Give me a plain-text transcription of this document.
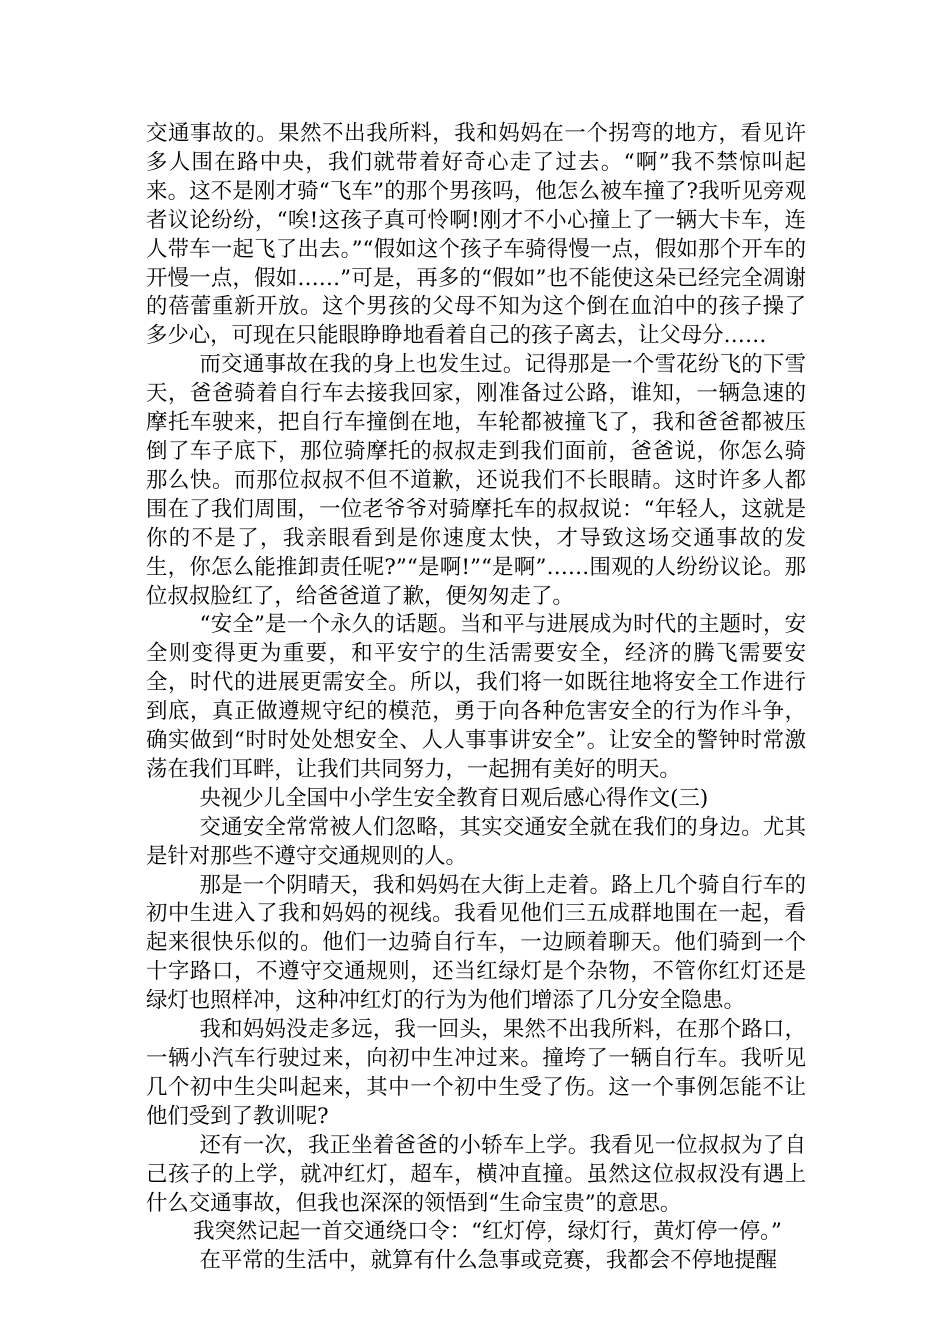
交通事故的。果然不出我所料，我和妈妈在一个拐弯的地方，看见许多人围在路中央，我们就带着好奇心走了过去。“啊”我不禁惊叫起来。这不是刚才骑“飞车”的那个男孩吗，他怎么被车撞了?我听见旁观者议论纷纷，“唉!这孩子真可怜啊!刚才不小心撞上了一辆大卡车，连人带车一起飞了出去。”“假如这个孩子车骑得慢一点，假如那个开车的开慢一点，假如……”可是，再多的“假如”也不能使这朵已经完全凋谢的蓓蕾重新开放。这个男孩的父母不知为这个倒在血泊中的孩子操了多少心，可现在只能眼睁睁地看着自己的孩子离去，让父母分……

而交通事故在我的身上也发生过。记得那是一个雪花纷飞的下雪天，爸爸骑着自行车去接我回家，刚准备过公路，谁知，一辆急速的摩托车驶来，把自行车撞倒在地，车轮都被撞飞了，我和爸爸都被压倒了车子底下，那位骑摩托的叔叔走到我们面前，爸爸说，你怎么骑那么快。而那位叔叔不但不道歉，还说我们不长眼睛。这时许多人都围在了我们周围，一位老爷爷对骑摩托车的叔叔说：“年轻人，这就是你的不是了，我亲眼看到是你速度太快，才导致这场交通事故的发生，你怎么能推卸责任呢?”“是啊!”“是啊”……围观的人纷纷议论。那位叔叔脸红了，给爸爸道了歉，便匆匆走了。

“安全”是一个永久的话题。当和平与进展成为时代的主题时，安全则变得更为重要，和平安宁的生活需要安全，经济的腾飞需要安全，时代的进展更需安全。所以，我们将一如既往地将安全工作进行到底，真正做遵规守纪的模范，勇于向各种危害安全的行为作斗争，确实做到“时时处处想安全、人人事事讲安全”。让安全的警钟时常激荡在我们耳畔，让我们共同努力，一起拥有美好的明天。

央视少儿全国中小学生安全教育日观后感心得作文(三)

交通安全常常被人们忽略，其实交通安全就在我们的身边。尤其是针对那些不遵守交通规则的人。

那是一个阴晴天，我和妈妈在大街上走着。路上几个骑自行车的初中生进入了我和妈妈的视线。我看见他们三五成群地围在一起，看起来很快乐似的。他们一边骑自行车，一边顾着聊天。他们骑到一个十字路口，不遵守交通规则，还当红绿灯是个杂物，不管你红灯还是绿灯也照样冲，这种冲红灯的行为为他们增添了几分安全隐患。

我和妈妈没走多远，我一回头，果然不出我所料，在那个路口，一辆小汽车行驶过来，向初中生冲过来。撞垮了一辆自行车。我听见几个初中生尖叫起来，其中一个初中生受了伤。这一个事例怎能不让他们受到了教训呢?

还有一次，我正坐着爸爸的小轿车上学。我看见一位叔叔为了自己孩子的上学，就冲红灯，超车，横冲直撞。虽然这位叔叔没有遇上什么交通事故，但我也深深的领悟到“生命宝贵”的意思。

我突然记起一首交通绕口令：“红灯停，绿灯行，黄灯停一停。”

在平常的生活中，就算有什么急事或竞赛，我都会不停地提醒
